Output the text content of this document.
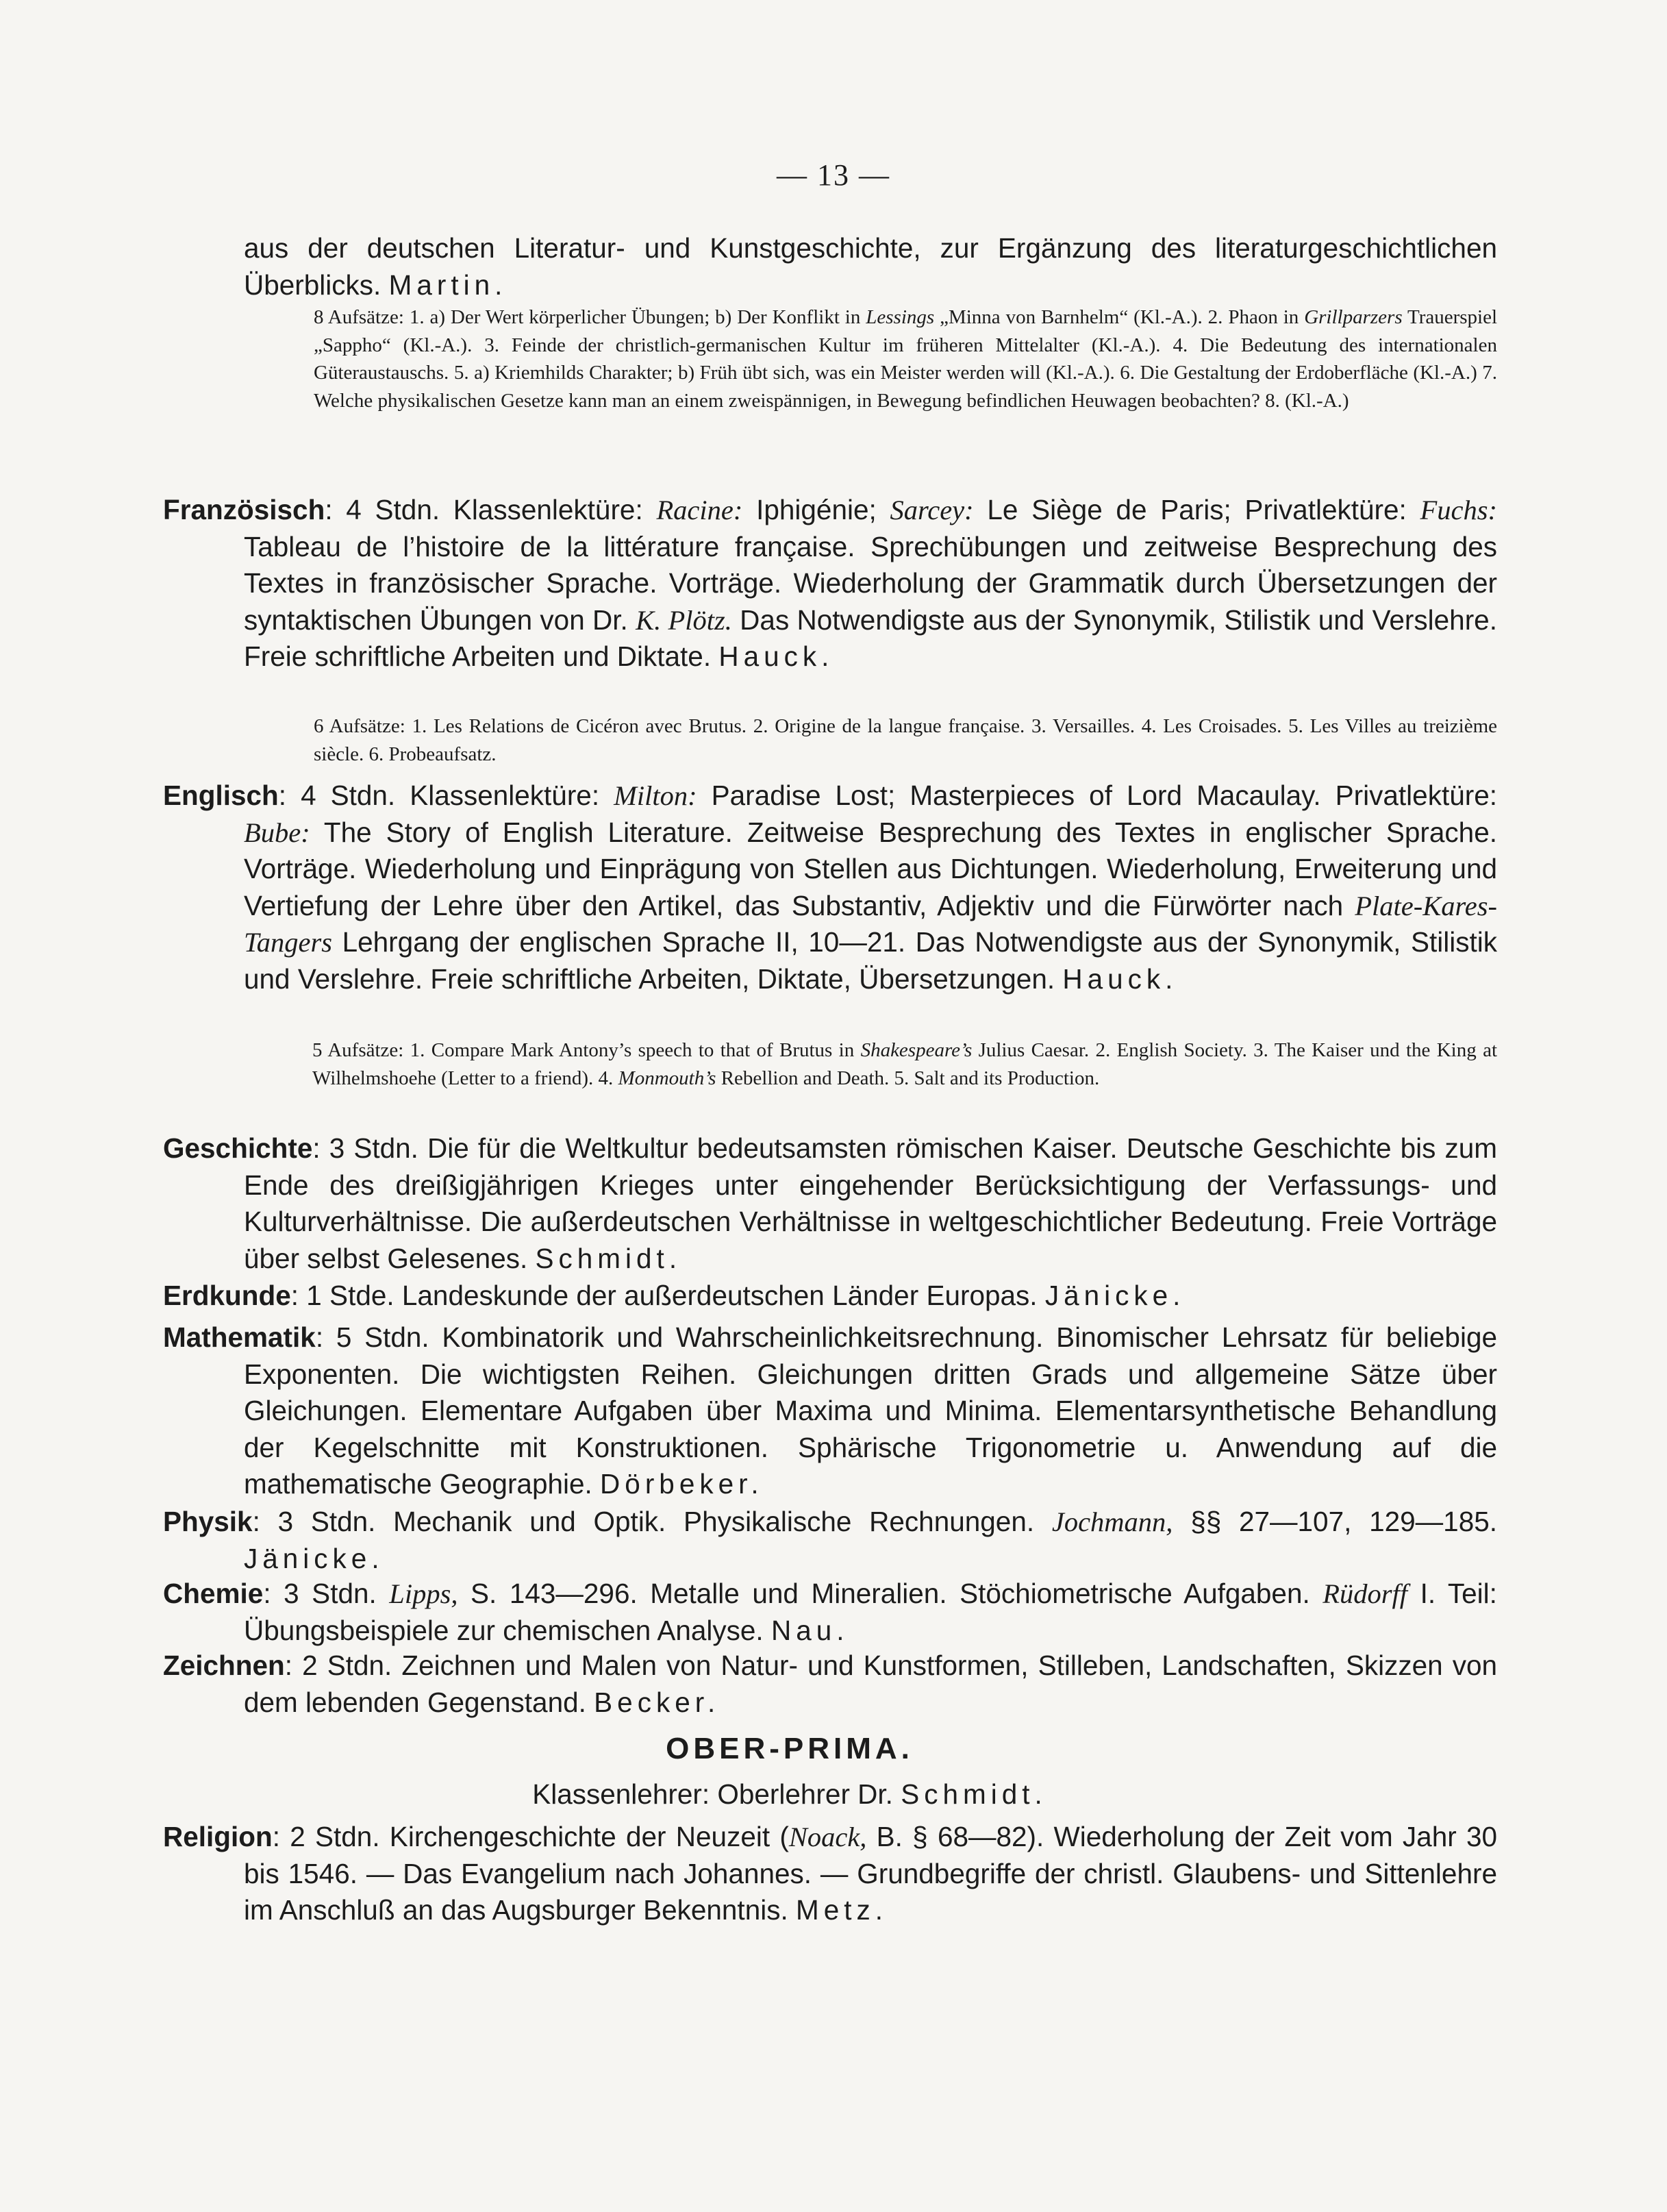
— 13 —
aus der deutschen Literatur- und Kunstgeschichte, zur Ergänzung des literaturgeschichtlichen Überblicks. Martin.

8 Aufsätze: 1. a) Der Wert körperlicher Übungen; b) Der Konflikt in Lessings „Minna von Barnhelm“ (Kl.-A.). 2. Phaon in Grillparzers Trauerspiel „Sappho“ (Kl.-A.). 3. Feinde der christlich-germanischen Kultur im früheren Mittelalter (Kl.-A.). 4. Die Bedeutung des internationalen Güteraustauschs. 5. a) Kriemhilds Charakter; b) Früh übt sich, was ein Meister werden will (Kl.-A.). 6. Die Gestaltung der Erdoberfläche (Kl.-A.) 7. Welche physikalischen Gesetze kann man an einem zweispännigen, in Bewegung befindlichen Heuwagen beobachten? 8. (Kl.-A.)

Französisch: 4 Stdn. Klassenlektüre: Racine: Iphigénie; Sarcey: Le Siège de Paris; Privatlektüre: Fuchs: Tableau de l’histoire de la littérature française. Sprechübungen und zeitweise Besprechung des Textes in französischer Sprache. Vorträge. Wiederholung der Grammatik durch Übersetzungen der syntaktischen Übungen von Dr. K. Plötz. Das Notwendigste aus der Synonymik, Stilistik und Verslehre. Freie schriftliche Arbeiten und Diktate. Hauck.

6 Aufsätze: 1. Les Relations de Cicéron avec Brutus. 2. Origine de la langue française. 3. Versailles. 4. Les Croisades. 5. Les Villes au treizième siècle. 6. Probeaufsatz.

Englisch: 4 Stdn. Klassenlektüre: Milton: Paradise Lost; Masterpieces of Lord Macaulay. Privatlektüre: Bube: The Story of English Literature. Zeitweise Besprechung des Textes in englischer Sprache. Vorträge. Wiederholung und Einprägung von Stellen aus Dichtungen. Wiederholung, Erweiterung und Vertiefung der Lehre über den Artikel, das Substantiv, Adjektiv und die Fürwörter nach Plate-Kares-Tangers Lehrgang der englischen Sprache II, 10—21. Das Notwendigste aus der Synonymik, Stilistik und Verslehre. Freie schriftliche Arbeiten, Diktate, Übersetzungen. Hauck.

5 Aufsätze: 1. Compare Mark Antony’s speech to that of Brutus in Shakespeare’s Julius Caesar. 2. English Society. 3. The Kaiser und the King at Wilhelmshoehe (Letter to a friend). 4. Monmouth’s Rebellion and Death. 5. Salt and its Production.

Geschichte: 3 Stdn. Die für die Weltkultur bedeutsamsten römischen Kaiser. Deutsche Geschichte bis zum Ende des dreißigjährigen Krieges unter eingehender Berücksichtigung der Verfassungs- und Kulturverhältnisse. Die außerdeutschen Verhältnisse in weltgeschichtlicher Bedeutung. Freie Vorträge über selbst Gelesenes. Schmidt.
Erdkunde: 1 Stde. Landeskunde der außerdeutschen Länder Europas. Jänicke.
Mathematik: 5 Stdn. Kombinatorik und Wahrscheinlichkeitsrechnung. Binomischer Lehrsatz für beliebige Exponenten. Die wichtigsten Reihen. Gleichungen dritten Grads und allgemeine Sätze über Gleichungen. Elementare Aufgaben über Maxima und Minima. Elementarsynthetische Behandlung der Kegelschnitte mit Konstruktionen. Sphärische Trigonometrie u. Anwendung auf die mathematische Geographie. Dörbeker.
Physik: 3 Stdn. Mechanik und Optik. Physikalische Rechnungen. Jochmann, §§ 27—107, 129—185. Jänicke.
Chemie: 3 Stdn. Lipps, S. 143—296. Metalle und Mineralien. Stöchiometrische Aufgaben. Rüdorff I. Teil: Übungsbeispiele zur chemischen Analyse. Nau.
Zeichnen: 2 Stdn. Zeichnen und Malen von Natur- und Kunstformen, Stilleben, Landschaften, Skizzen von dem lebenden Gegenstand. Becker.
OBER-PRIMA.
Klassenlehrer: Oberlehrer Dr. Schmidt.
Religion: 2 Stdn. Kirchengeschichte der Neuzeit (Noack, B. § 68—82). Wiederholung der Zeit vom Jahr 30 bis 1546. — Das Evangelium nach Johannes. — Grundbegriffe der christl. Glaubens- und Sittenlehre im Anschluß an das Augsburger Bekenntnis. Metz.
